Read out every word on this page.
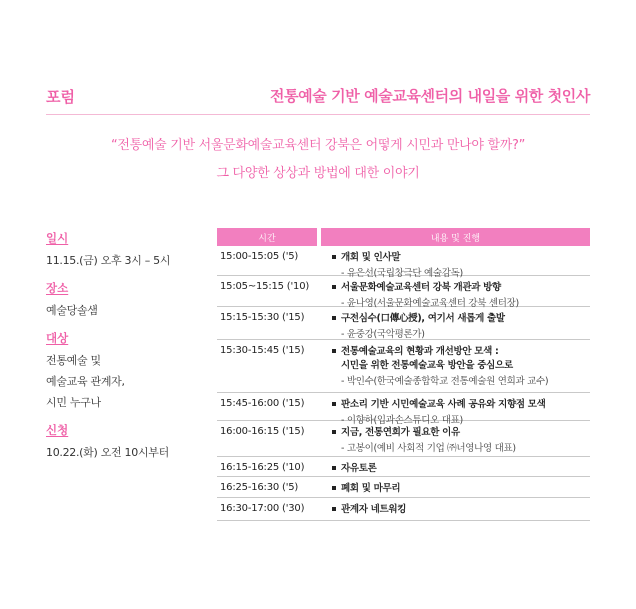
포럼	전통예술 기반 예술교육센터의 내일을 위한 첫인사
“전통예술 기반 서울문화예술교육센터 강북은 어떻게 시민과 만나야 할까?”
그 다양한 상상과 방법에 대한 이야기
일시
11.15.(금) 오후 3시 – 5시
장소
예술당솔샘
대상
전통예술 및
예술교육 관계자,
시민 누구나
신청
10.22.(화) 오전 10시부터
시간	내용 및 진행
15:00-15:05 ('5)	개회 및 인사말
- 유은선(국립창극단 예술감독)
15:05~15:15 ('10)	서울문화예술교육센터 강북 개관과 방향
- 윤나영(서울문화예술교육센터 강북 센터장)
15:15-15:30 ('15)	구전심수(口傳心授), 여기서 새롭게 출발
- 윤중강(국악평론가)
15:30-15:45 ('15)	전통예술교육의 현황과 개선방안 모색 :
시민을 위한 전통예술교육 방안을 중심으로
- 박인수(한국예술종합학교 전통예술원 연희과 교수)
15:45-16:00 ('15)	판소리 기반 시민예술교육 사례 공유와 지향점 모색
- 이향하(입과손스튜디오 대표)
16:00-16:15 ('15)	지금, 전통연희가 필요한 이유
- 고봉이(예비 사회적 기업 ㈜너영나영 대표)
16:15-16:25 ('10)	자유토론
16:25-16:30 ('5)	폐회 및 마무리
16:30-17:00 ('30)	관계자 네트워킹
